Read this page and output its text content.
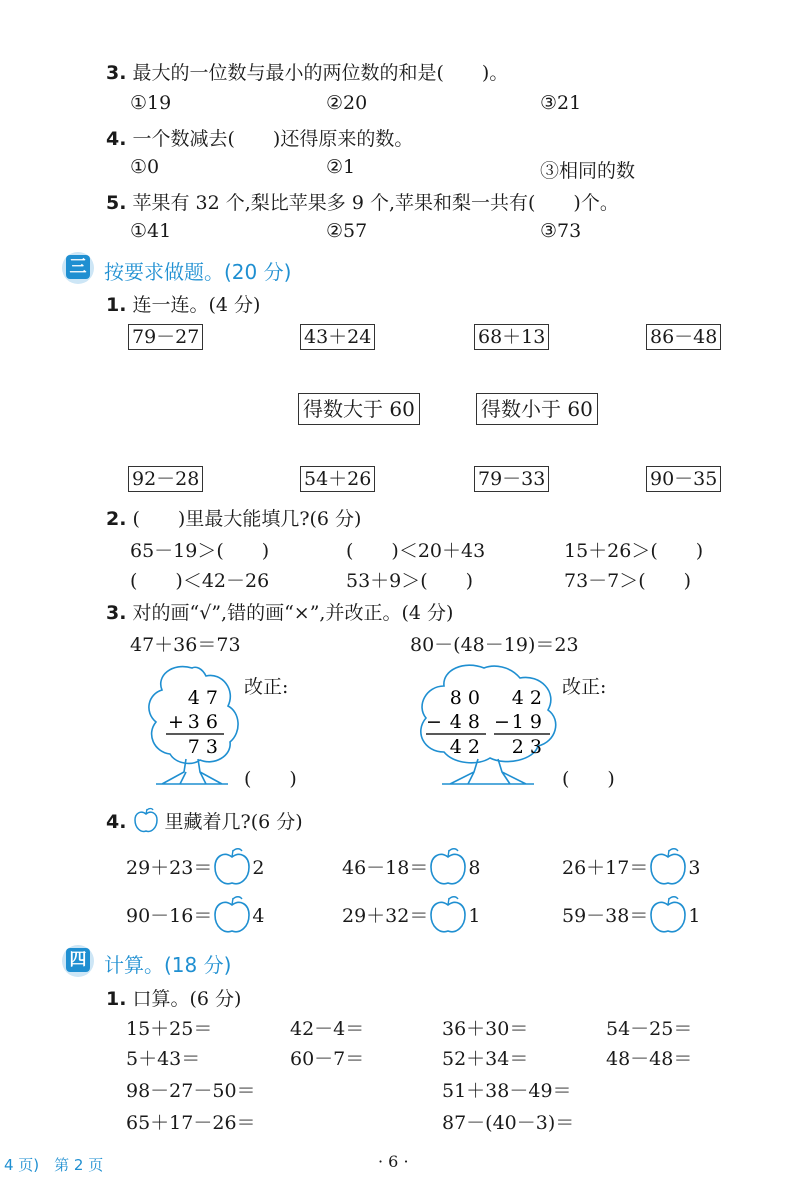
3. 最大的一位数与最小的两位数的和是(　　)。
①19	②20	③21
4. 一个数减去(　　)还得原来的数。
①0	②1	③相同的数
5. 苹果有 32 个,梨比苹果多 9 个,苹果和梨一共有(　　)个。
①41	②57	③73
三 按要求做题。(20 分)
1. 连一连。(4 分)
79－27	43＋24	68＋13	86－48
得数大于 60	得数小于 60
92－28	54＋26	79－33	90－35
2. (　　)里最大能填几?(6 分)
65－19＞(　　)	(　　)＜20＋43	15＋26＞(　　)
(　　)＜42－26	53＋9＞(　　)	73－7＞(　　)
3. 对的画“√”,错的画“×”,并改正。(4 分)
47＋36＝73	80－(48－19)＝23
4 7
+ 3 6
7 3
改正:
(　　)
8 0
− 4 8
4 2
4 2
− 1 9
2 3
改正:
(　　)
4. 里藏着几?(6 分)
29＋23＝ 2	46－18＝ 8	26＋17＝ 3
90－16＝ 4	29＋32＝ 1	59－38＝ 1
四 计算。(18 分)
1. 口算。(6 分)
15＋25＝	42－4＝	36＋30＝	54－25＝
5＋43＝	60－7＝	52＋34＝	48－48＝
98－27－50＝	51＋38－49＝
65＋17－26＝	87－(40－3)＝
4 页)　第 2 页	· 6 ·
